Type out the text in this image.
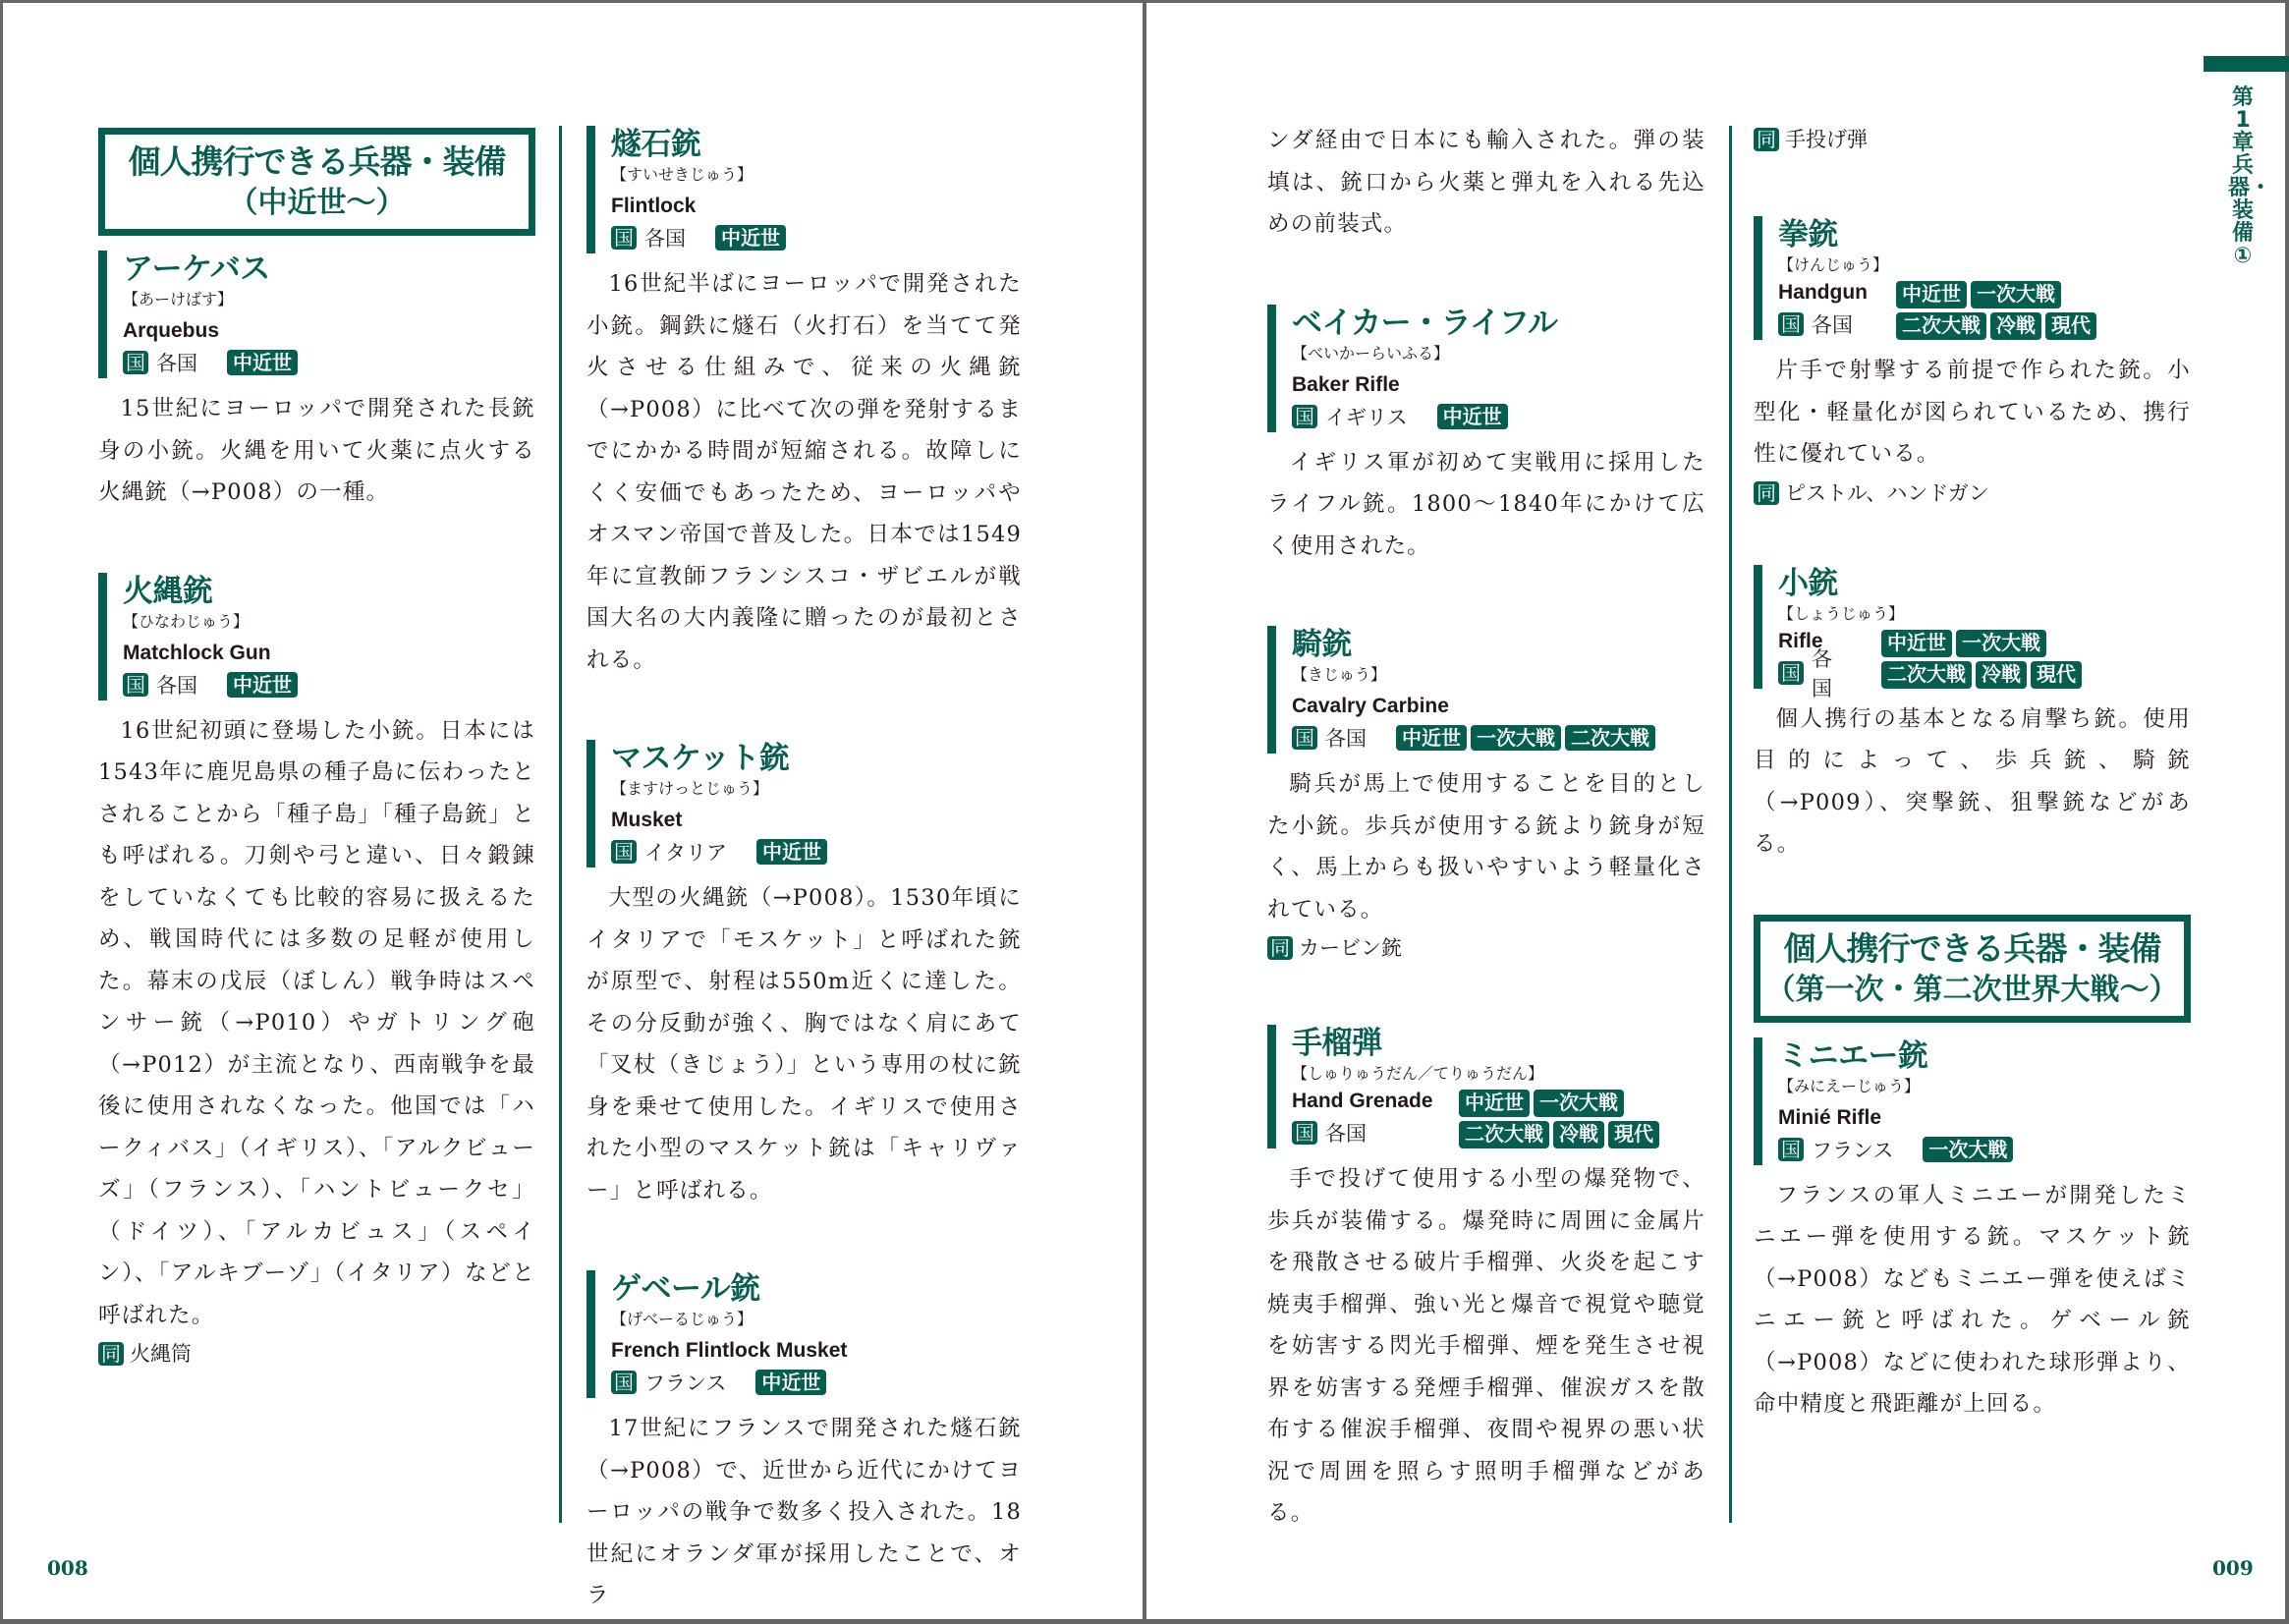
個人携行できる兵器・装備
（中近世〜）
アーケバス
【あーけばす】
Arquebus
国 各国	中近世

15世紀にヨーロッパで開発された長銃身の小銃。火縄を用いて火薬に点火する火縄銃（→P008）の一種。

火縄銃
【ひなわじゅう】
Matchlock Gun
国 各国	中近世

16世紀初頭に登場した小銃。日本には1543年に鹿児島県の種子島に伝わったとされることから「種子島」「種子島銃」とも呼ばれる。刀剣や弓と違い、日々鍛錬をしていなくても比較的容易に扱えるため、戦国時代には多数の足軽が使用した。幕末の戊辰（ぼしん）戦争時はスペンサー銃（→P010）やガトリング砲（→P012）が主流となり、西南戦争を最後に使用されなくなった。他国では「ハークィバス」（イギリス）、「アルクビューズ」（フランス）、「ハントビュークセ」（ドイツ）、「アルカビュス」（スペイン）、「アルキブーゾ」（イタリア）などと呼ばれた。

同 火縄筒
燧石銃
【すいせきじゅう】
Flintlock
国 各国	中近世

16世紀半ばにヨーロッパで開発された小銃。鋼鉄に燧石（火打石）を当てて発火させる仕組みで、従来の火縄銃（→P008）に比べて次の弾を発射するまでにかかる時間が短縮される。故障しにくく安価でもあったため、ヨーロッパやオスマン帝国で普及した。日本では1549年に宣教師フランシスコ・ザビエルが戦国大名の大内義隆に贈ったのが最初とされる。

マスケット銃
【ますけっとじゅう】
Musket
国 イタリア	中近世

大型の火縄銃（→P008）。1530年頃にイタリアで「モスケット」と呼ばれた銃が原型で、射程は550m近くに達した。その分反動が強く、胸ではなく肩にあて「叉杖（きじょう）」という専用の杖に銃身を乗せて使用した。イギリスで使用された小型のマスケット銃は「キャリヴァー」と呼ばれる。

ゲベール銃
【げべーるじゅう】
French Flintlock Musket
国 フランス	中近世

17世紀にフランスで開発された燧石銃（→P008）で、近世から近代にかけてヨーロッパの戦争で数多く投入された。18世紀にオランダ軍が採用したことで、オラ

008
第1章 兵器・装備①

ンダ経由で日本にも輸入された。弾の装填は、銃口から火薬と弾丸を入れる先込めの前装式。

ベイカー・ライフル
【べいかーらいふる】
Baker Rifle
国 イギリス	中近世

イギリス軍が初めて実戦用に採用したライフル銃。1800〜1840年にかけて広く使用された。

騎銃
【きじゅう】
Cavalry Carbine
国 各国	中近世 一次大戦 二次大戦

騎兵が馬上で使用することを目的とした小銃。歩兵が使用する銃より銃身が短く、馬上からも扱いやすいよう軽量化されている。

同 カービン銃
手榴弾
【しゅりゅうだん／てりゅうだん】
Hand Grenade
国 各国
中近世 一次大戦
二次大戦 冷戦 現代

手で投げて使用する小型の爆発物で、歩兵が装備する。爆発時に周囲に金属片を飛散させる破片手榴弾、火炎を起こす焼夷手榴弾、強い光と爆音で視覚や聴覚を妨害する閃光手榴弾、煙を発生させ視界を妨害する発煙手榴弾、催涙ガスを散布する催涙手榴弾、夜間や視界の悪い状況で周囲を照らす照明手榴弾などがある。

同 手投げ弾
拳銃
【けんじゅう】
Handgun
国 各国
中近世 一次大戦
二次大戦 冷戦 現代

片手で射撃する前提で作られた銃。小型化・軽量化が図られているため、携行性に優れている。

同 ピストル、ハンドガン
小銃
【しょうじゅう】
Rifle
国
各国
中近世 一次大戦
二次大戦 冷戦 現代

個人携行の基本となる肩撃ち銃。使用目的によって、歩兵銃、騎銃（→P009）、突撃銃、狙撃銃などがある。

個人携行できる兵器・装備
（第一次・第二次世界大戦〜）
ミニエー銃
【みにえーじゅう】
Minié Rifle
国 フランス	一次大戦

フランスの軍人ミニエーが開発したミニエー弾を使用する銃。マスケット銃（→P008）などもミニエー弾を使えばミニエー銃と呼ばれた。ゲベール銃（→P008）などに使われた球形弾より、命中精度と飛距離が上回る。

009
